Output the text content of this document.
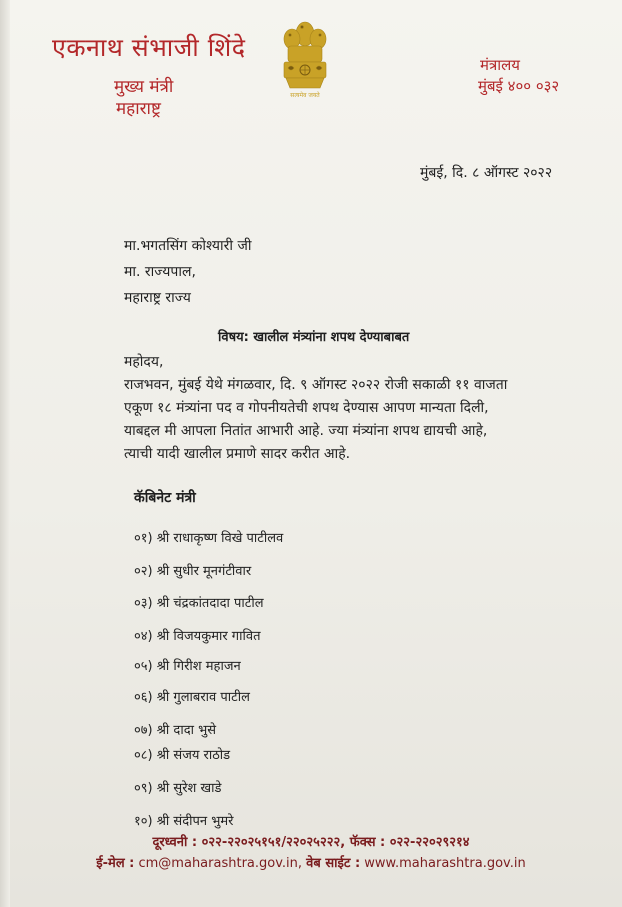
एकनाथ संभाजी शिंदे
मुख्य मंत्री
महाराष्ट्र
सत्यमेव जयते
मंत्रालय
मुंबई ४०० ०३२
मुंबई, दि. ८ ऑगस्ट २०२२
मा.भगतसिंग कोश्यारी जी
मा. राज्यपाल,
महाराष्ट्र राज्य
विषय: खालील मंत्र्यांना शपथ देण्याबाबत
महोदय,
राजभवन, मुंबई येथे मंगळवार, दि. ९ ऑगस्ट २०२२ रोजी सकाळी ११ वाजता
एकूण १८ मंत्र्यांना पद व गोपनीयतेची शपथ देण्यास आपण मान्यता दिली,
याबद्दल मी आपला नितांत आभारी आहे. ज्या मंत्र्यांना शपथ द्यायची आहे,
त्याची यादी खालील प्रमाणे सादर करीत आहे.
कॅबिनेट मंत्री
०१) श्री राधाकृष्ण विखे पाटीलव
०२) श्री सुधीर मूनगंटीवार
०३) श्री चंद्रकांतदादा पाटील
०४) श्री विजयकुमार गावित
०५) श्री गिरीश महाजन
०६) श्री गुलाबराव पाटील
०७) श्री दादा भुसे
०८) श्री संजय राठोड
०९) श्री सुरेश खाडे
१०) श्री संदीपन भुमरे
दूरध्वनी : ०२२-२२०२५१५१/२२०२५२२२, फॅक्स : ०२२-२२०२९२१४
ई-मेल : cm@maharashtra.gov.in, वेब साईट : www.maharashtra.gov.in
